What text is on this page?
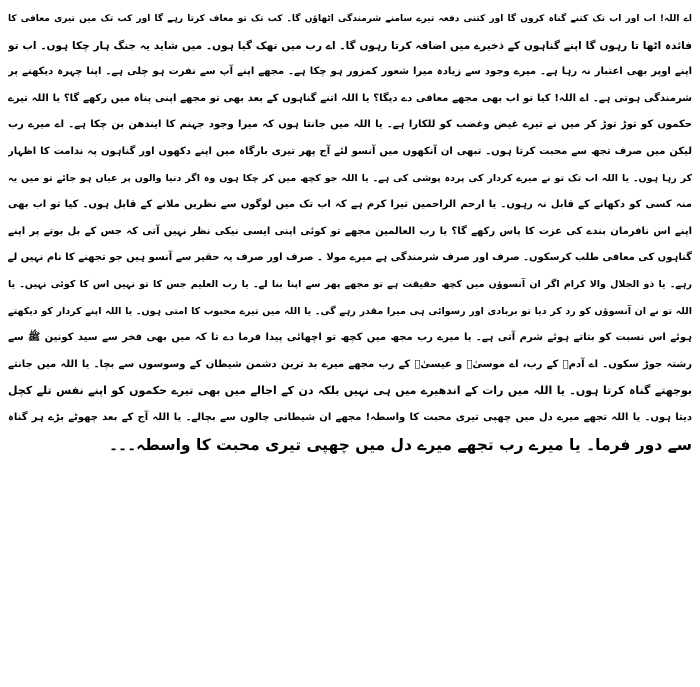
اے اللہ! اب اور اب تک کتنے گناہ کروں گا اور کتنی دفعہ تیرے سامنے شرمندگی اٹھاؤں گا۔ کب تک تو معاف کرتا رہے گا اور کب تک میں تیری معافی کا
فائدہ اٹھا تا رہوں گا اپنے گناہوں کے ذخیرے میں اضافہ کرتا رہوں گا۔ اے رب میں تھک گیا ہوں۔ میں شاید یہ جنگ ہار چکا ہوں۔ اب تو
اپنے اوپر بھی اعتبار نہ رہا ہے۔ میرے وجود سے زیادہ میرا شعور کمزور ہو چکا ہے۔ مجھے اپنے آپ سے نفرت ہو چلی ہے۔ اپنا چہرہ دیکھنے پر
شرمندگی ہوتی ہے۔ اے اللہ! کیا تو اب بھی مجھے معافی دے دیگا؟ یا اللہ اتنے گناہوں کے بعد بھی تو مجھے اپنی پناہ میں رکھے گا؟ یا اللہ تیرے
حکموں کو توڑ توڑ کر میں نے تیرے غیض وغضب کو للکارا ہے۔ یا اللہ میں جانتا ہوں کہ میرا وجود جہنم کا ایندھن بن چکا ہے۔ اے میرے رب
لیکن میں صرف تجھ سے محبت کرتا ہوں۔ تبھی ان آنکھوں میں آنسو لئے آج پھر تیری بارگاہ میں اپنے دکھوں اور گناہوں پہ ندامت کا اظہار
کر رہا ہوں۔ یا اللہ اب تک تو نے میرے کردار کی پردہ پوشی کی ہے۔ یا اللہ جو کچھ میں کر چکا ہوں وہ اگر دنیا والوں پر عیاں ہو جائے تو میں یہ
منہ کسی کو دکھانے کے قابل نہ رہوں۔ یا ارحم الراحمین تیرا کرم ہے کہ اب تک میں لوگوں سے نظریں ملانے کے قابل ہوں۔ کیا تو اب بھی
اپنے اس نافرمان بندے کی عزت کا پاس رکھے گا؟ یا رب العالمین مجھے تو کوئی اپنی ایسی نیکی نظر نہیں آتی کہ جس کے بل بوتے پر اپنے
گناہوں کی معافی طلب کرسکوں۔ صرف اور صرف شرمندگی ہے میرے مولا ۔ صرف اور صرف یہ حقیر سے آنسو ہیں جو تجھنے کا نام نہیں لے
رہے۔ یا ذو الجلال والا کرام اگر ان آنسوؤں میں کچھ حقیقت ہے تو مجھے پھر سے اپنا بنا لے۔ یا رب العلیم جس کا تو نہیں اس کا کوئی نہیں۔ یا
اللہ تو نے ان آنسوؤں کو رد کر دیا تو بربادی اور رسوائی ہی میرا مقدر رہے گی۔ یا اللہ میں تیرے محبوب کا امتی ہوں۔ یا اللہ اپنے کردار کو دیکھتے
ہوئے اس نسبت کو بتاتے ہوئے شرم آتی ہے۔ یا میرے رب مجھ میں کچھ تو اچھائی پیدا فرما دے تا کہ میں بھی فخر سے سید کونین ﷺ سے
رشتہ جوڑ سکوں۔ اے آدمؑ کے رب، اے موسیٰؑ و عیسیٰؑ کے رب مجھے میرے بد ترین دشمن شیطان کے وسوسوں سے بچا۔ یا اللہ میں جانتے
بوجھتے گناہ کرتا ہوں۔ یا اللہ میں رات کے اندھیرے میں ہی نہیں بلکہ دن کے اجالے میں بھی تیرے حکموں کو اپنے نفس تلے کچل
دیتا ہوں۔ یا اللہ تجھے میرے دل میں چھپی تیری محبت کا واسطہ! مجھے ان شیطانی چالوں سے بچالے۔ یا اللہ آج کے بعد چھوٹے بڑے ہر گناہ
سے دور فرما۔ یا میرے رب تجھے میرے دل میں چھپی تیری محبت کا واسطہ۔۔۔
